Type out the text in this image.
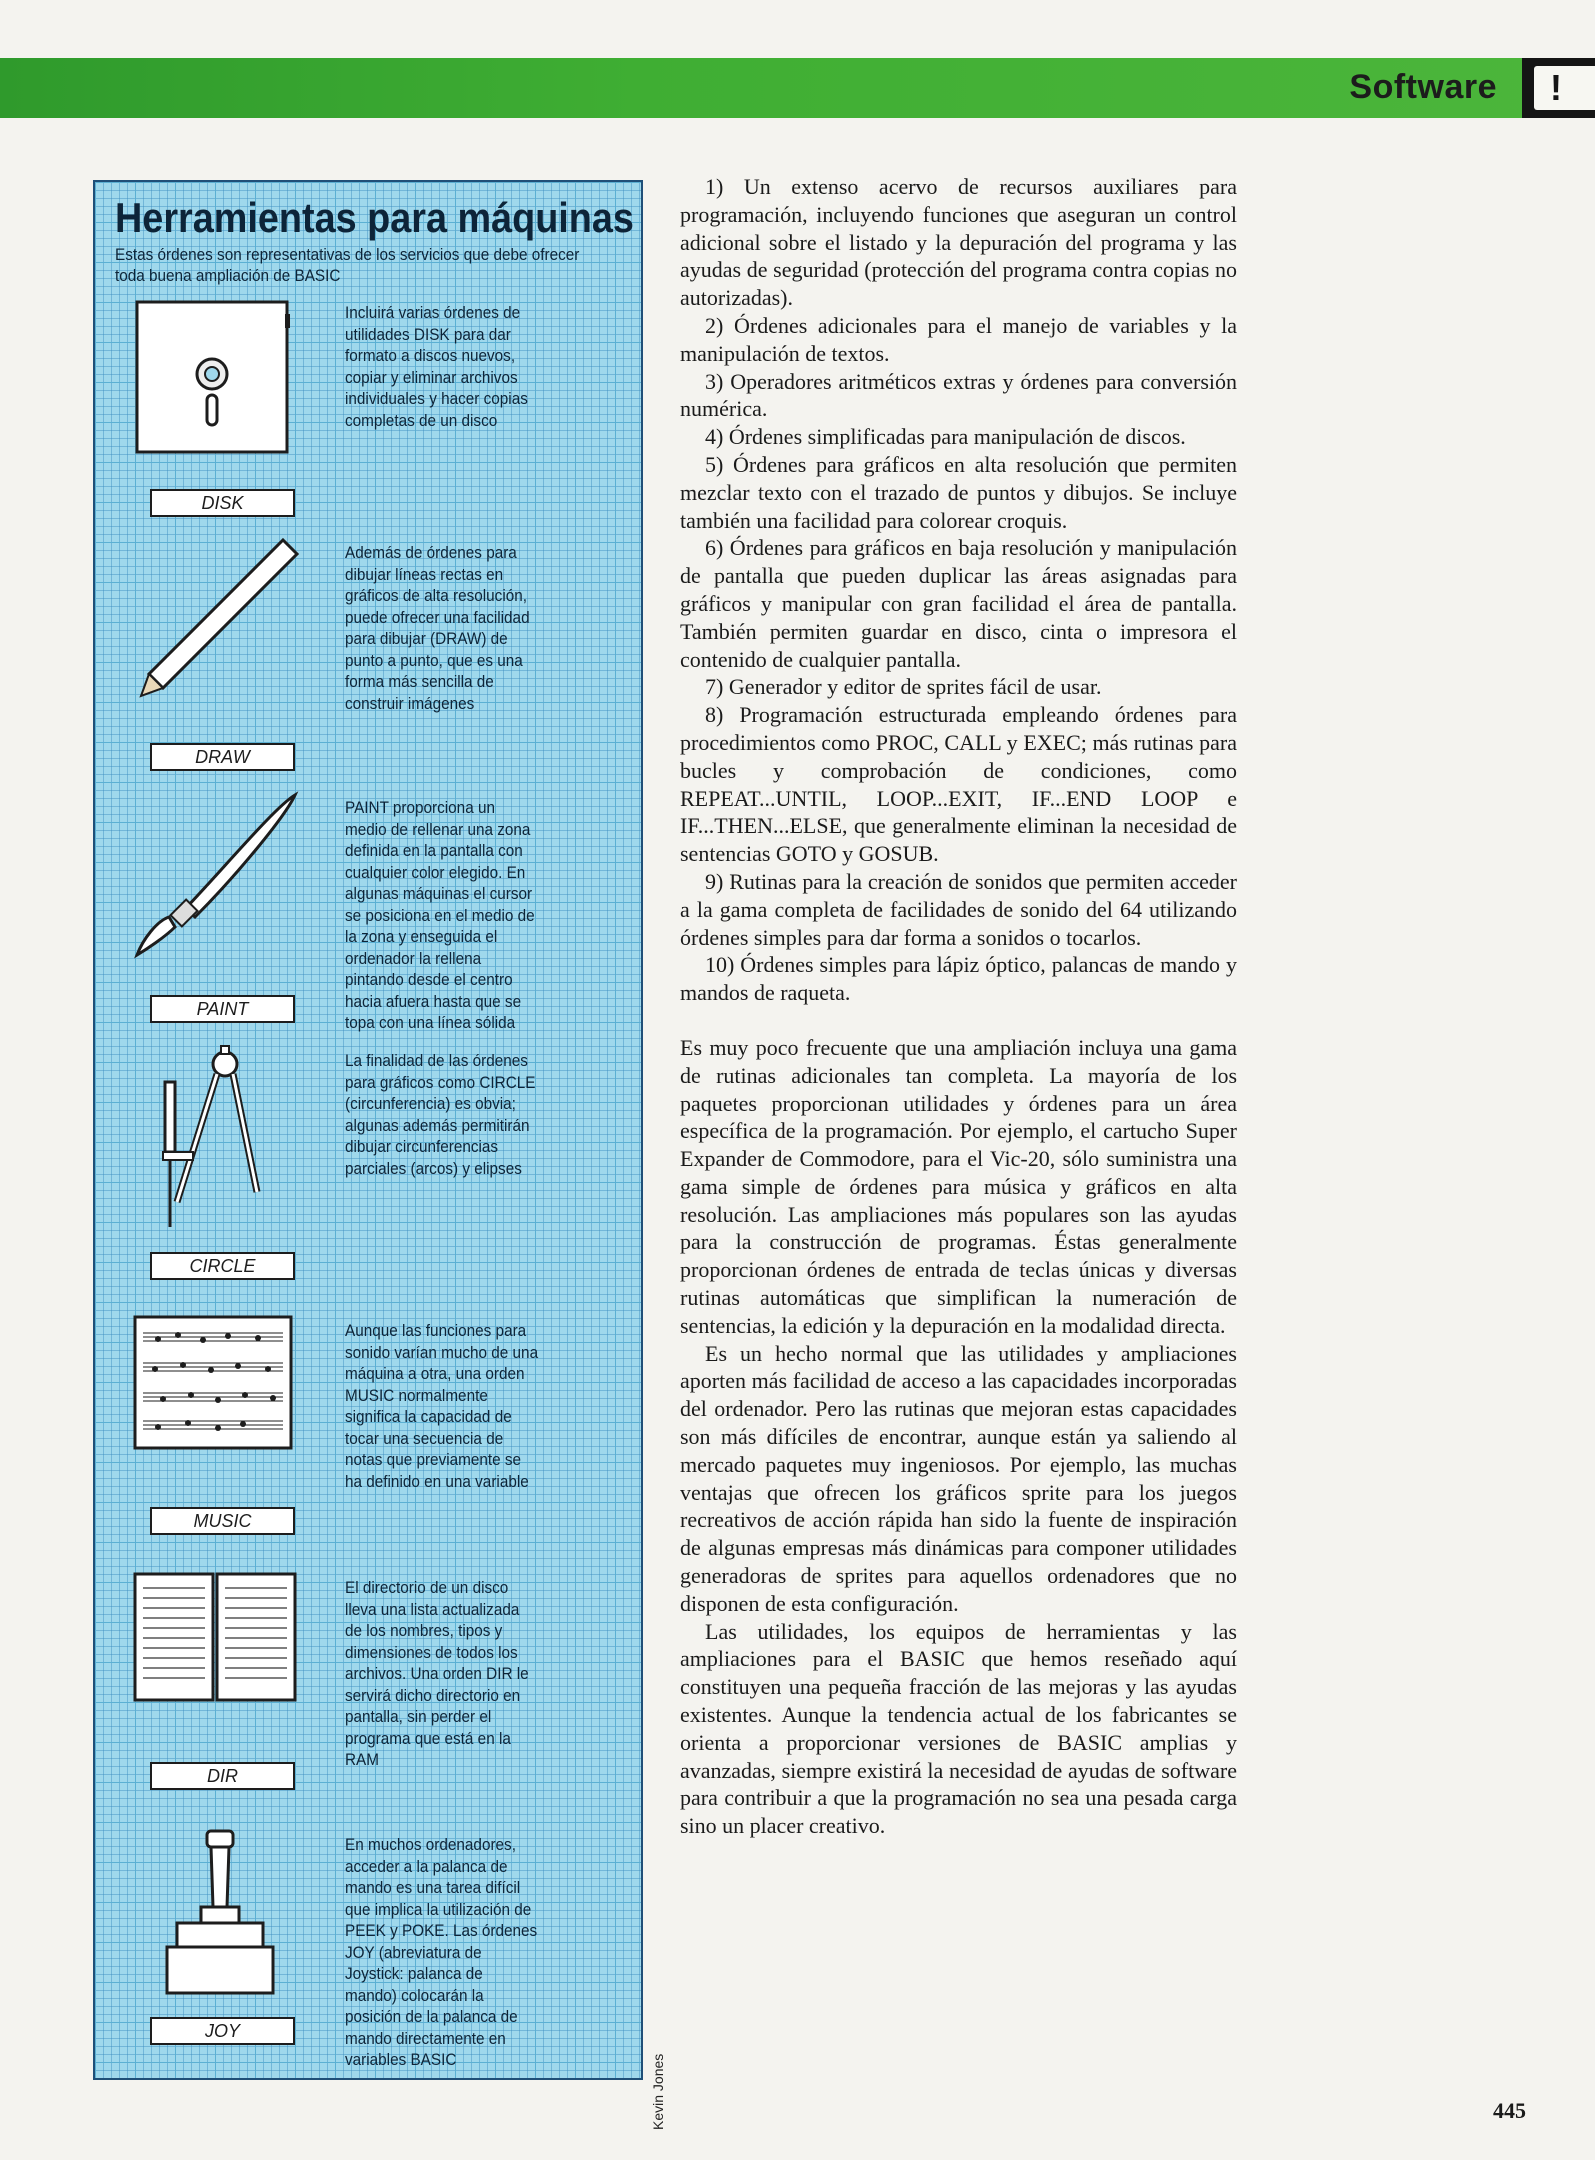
Software	!
Herramientas para máquinas
Estas órdenes son representativas de los servicios que debe ofrecer toda buena ampliación de BASIC
DISK
Incluirá varias órdenes de utilidades DISK para dar formato a discos nuevos, copiar y eliminar archivos individuales y hacer copias completas de un disco
DRAW
Además de órdenes para dibujar líneas rectas en gráficos de alta resolución, puede ofrecer una facilidad para dibujar (DRAW) de punto a punto, que es una forma más sencilla de construir imágenes
PAINT
PAINT proporciona un medio de rellenar una zona definida en la pantalla con cualquier color elegido. En algunas máquinas el cursor se posiciona en el medio de la zona y enseguida el ordenador la rellena pintando desde el centro hacia afuera hasta que se topa con una línea sólida
CIRCLE
La finalidad de las órdenes para gráficos como CIRCLE (circunferencia) es obvia; algunas además permitirán dibujar circunferencias parciales (arcos) y elipses
MUSIC
Aunque las funciones para sonido varían mucho de una máquina a otra, una orden MUSIC normalmente significa la capacidad de tocar una secuencia de notas que previamente se ha definido en una variable
DIR
El directorio de un disco lleva una lista actualizada de los nombres, tipos y dimensiones de todos los archivos. Una orden DIR le servirá dicho directorio en pantalla, sin perder el programa que está en la RAM
JOY
En muchos ordenadores, acceder a la palanca de mando es una tarea difícil que implica la utilización de PEEK y POKE. Las órdenes JOY (abreviatura de Joystick: palanca de mando) colocarán la posición de la palanca de mando directamente en variables BASIC	Kevin Jones

1) Un extenso acervo de recursos auxiliares para programación, incluyendo funciones que aseguran un control adicional sobre el listado y la depuración del programa y las ayudas de seguridad (protección del programa contra copias no autorizadas).

2) Órdenes adicionales para el manejo de variables y la manipulación de textos.

3) Operadores aritméticos extras y órdenes para conversión numérica.

4) Órdenes simplificadas para manipulación de discos.

5) Órdenes para gráficos en alta resolución que permiten mezclar texto con el trazado de puntos y dibujos. Se incluye también una facilidad para colorear croquis.

6) Órdenes para gráficos en baja resolución y manipulación de pantalla que pueden duplicar las áreas asignadas para gráficos y manipular con gran facilidad el área de pantalla. También permiten guardar en disco, cinta o impresora el contenido de cualquier pantalla.

7) Generador y editor de sprites fácil de usar.

8) Programación estructurada empleando órdenes para procedimientos como PROC, CALL y EXEC; más rutinas para bucles y comprobación de condiciones, como REPEAT...UNTIL, LOOP...EXIT, IF...END LOOP e IF...THEN...ELSE, que generalmente eliminan la necesidad de sentencias GOTO y GOSUB.

9) Rutinas para la creación de sonidos que permiten acceder a la gama completa de facilidades de sonido del 64 utilizando órdenes simples para dar forma a sonidos o tocarlos.

10) Órdenes simples para lápiz óptico, palancas de mando y mandos de raqueta.

Es muy poco frecuente que una ampliación incluya una gama de rutinas adicionales tan completa. La mayoría de los paquetes proporcionan utilidades y órdenes para un área específica de la programación. Por ejemplo, el cartucho Super Expander de Commodore, para el Vic-20, sólo suministra una gama simple de órdenes para música y gráficos en alta resolución. Las ampliaciones más populares son las ayudas para la construcción de programas. Éstas generalmente proporcionan órdenes de entrada de teclas únicas y diversas rutinas automáticas que simplifican la numeración de sentencias, la edición y la depuración en la modalidad directa.

Es un hecho normal que las utilidades y ampliaciones aporten más facilidad de acceso a las capacidades incorporadas del ordenador. Pero las rutinas que mejoran estas capacidades son más difíciles de encontrar, aunque están ya saliendo al mercado paquetes muy ingeniosos. Por ejemplo, las muchas ventajas que ofrecen los gráficos sprite para los juegos recreativos de acción rápida han sido la fuente de inspiración de algunas empresas más dinámicas para componer utilidades generadoras de sprites para aquellos ordenadores que no disponen de esta configuración.

Las utilidades, los equipos de herramientas y las ampliaciones para el BASIC que hemos reseñado aquí constituyen una pequeña fracción de las mejoras y las ayudas existentes. Aunque la tendencia actual de los fabricantes se orienta a proporcionar versiones de BASIC amplias y avanzadas, siempre existirá la necesidad de ayudas de software para contribuir a que la programación no sea una pesada carga sino un placer creativo.

445
